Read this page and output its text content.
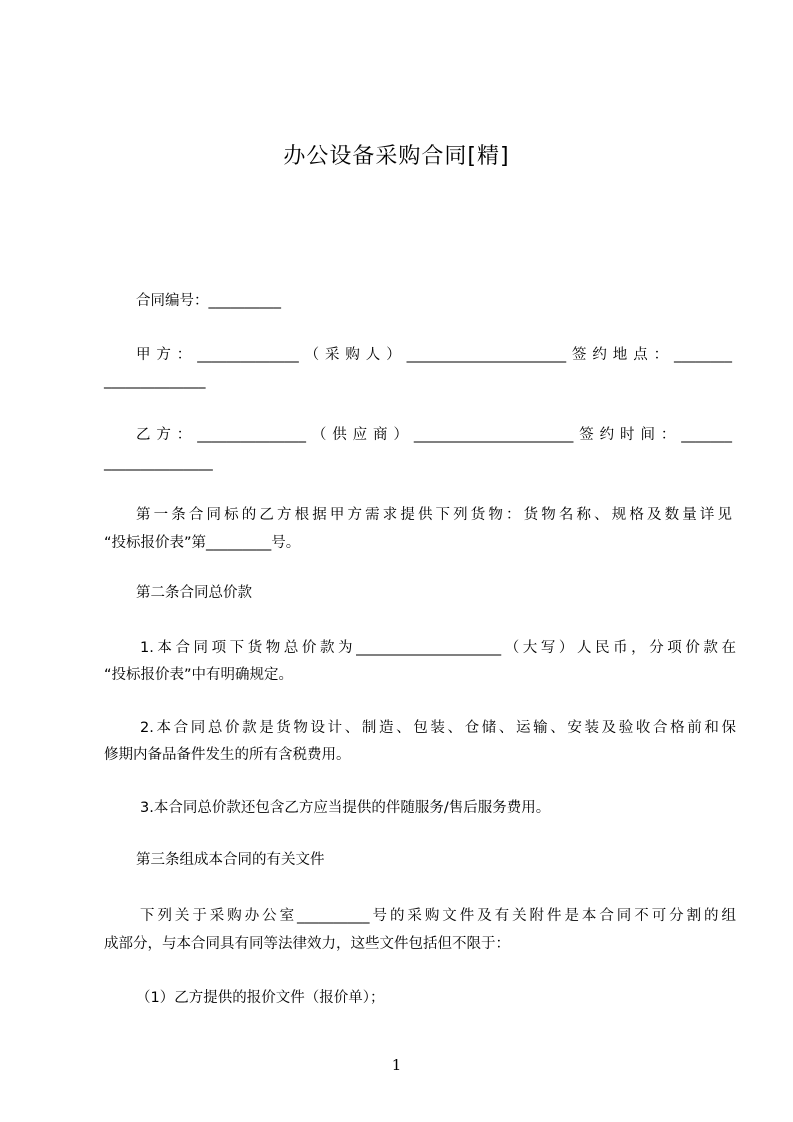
办公设备采购合同[精]
合同编号：__________
甲方：______________（采购人）______________________签约地点：________
______________
乙方：_______________（供应商）______________________签约时间：_______
_______________
第一条合同标的乙方根据甲方需求提供下列货物：货物名称、规格及数量详见
“投标报价表”第_________号。
第二条合同总价款
1.本合同项下货物总价款为____________________（大写）人民币，分项价款在
“投标报价表”中有明确规定。
2.本合同总价款是货物设计、制造、包装、仓储、运输、安装及验收合格前和保
修期内备品备件发生的所有含税费用。
3.本合同总价款还包含乙方应当提供的伴随服务/售后服务费用。
第三条组成本合同的有关文件
下列关于采购办公室__________号的采购文件及有关附件是本合同不可分割的组
成部分，与本合同具有同等法律效力，这些文件包括但不限于：
（1）乙方提供的报价文件（报价单）；
1
